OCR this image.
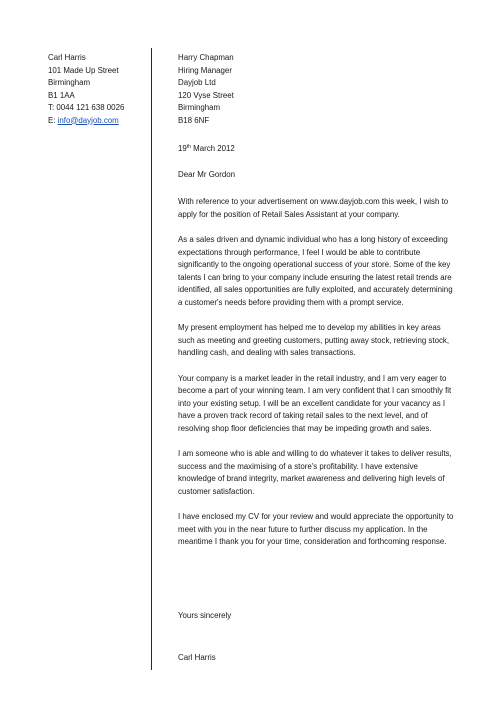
Carl Harris
101 Made Up Street
Birmingham
B1 1AA
T: 0044 121 638 0026
E: info@dayjob.com
Harry Chapman
Hiring Manager
Dayjob Ltd
120 Vyse Street
Birmingham
B18 6NF
19th March 2012
Dear Mr Gordon

With reference to your advertisement on www.dayjob.com this week, I wish to apply for the position of Retail Sales Assistant at your company.

As a sales driven and dynamic individual who has a long history of exceeding expectations through performance, I feel I would be able to contribute significantly to the ongoing operational success of your store. Some of the key talents I can bring to your company include ensuring the latest retail trends are identified, all sales opportunities are fully exploited, and accurately determining a customer's needs before providing them with a prompt service.

My present employment has helped me to develop my abilities in key areas such as meeting and greeting customers, putting away stock, retrieving stock, handling cash, and dealing with sales transactions.

Your company is a market leader in the retail industry, and I am very eager to become a part of your winning team. I am very confident that I can smoothly fit into your existing setup. I will be an excellent candidate for your vacancy as I have a proven track record of taking retail sales to the next level, and of resolving shop floor deficiencies that may be impeding growth and sales.

I am someone who is able and willing to do whatever it takes to deliver results, success and the maximising of a store's profitability. I have extensive knowledge of brand integrity, market awareness and delivering high levels of customer satisfaction.

I have enclosed my CV for your review and would appreciate the opportunity to meet with you in the near future to further discuss my application. In the meantime I thank you for your time, consideration and forthcoming response.

Yours sincerely
Carl Harris
